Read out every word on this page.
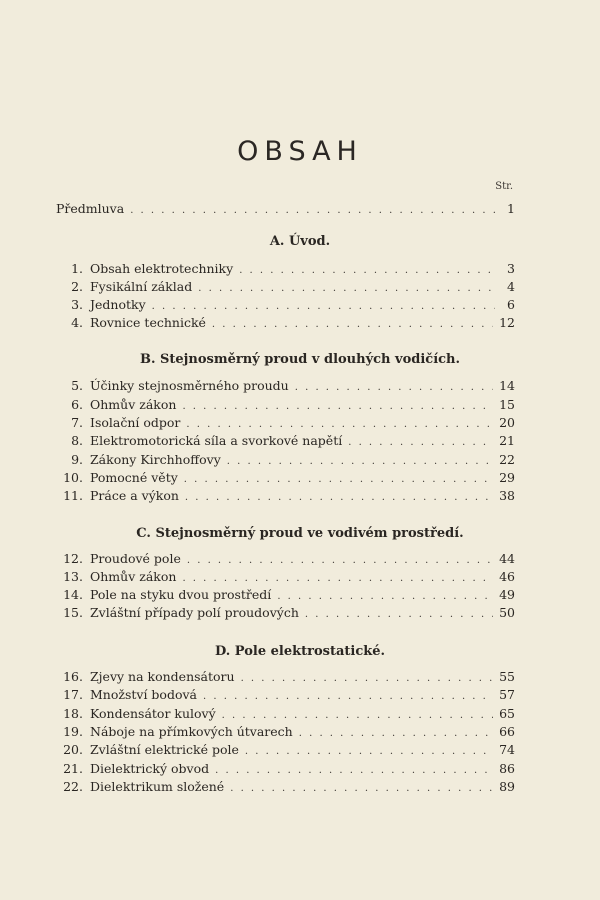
OBSAH
Str.
Předmluva . . .	1
A. Úvod.
1. Obsah elektrotechniky . . .	3
2. Fysikální základ . . .	4
3. Jednotky . . .	6
4. Rovnice technické . . .	12
B. Stejnosměrný proud v dlouhých vodičích.
5. Účinky stejnosměrného proudu . . .	14
6. Ohmův zákon . . .	15
7. Isolační odpor . . .	20
8. Elektromotorická síla a svorkové napětí . . .	21
9. Zákony Kirchhoffovy . . .	22
10. Pomocné věty . . .	29
11. Práce a výkon . . .	38
C. Stejnosměrný proud ve vodivém prostředí.
12. Proudové pole . . .	44
13. Ohmův zákon . . .	46
14. Pole na styku dvou prostředí . . .	49
15. Zvláštní případy polí proudových . . .	50
D. Pole elektrostatické.
16. Zjevy na kondensátoru . . .	55
17. Množství bodová . . .	57
18. Kondensátor kulový . . .	65
19. Náboje na přímkových útvarech . . .	66
20. Zvláštní elektrické pole . . .	74
21. Dielektrický obvod . . .	86
22. Dielektrikum složené . . .	89
